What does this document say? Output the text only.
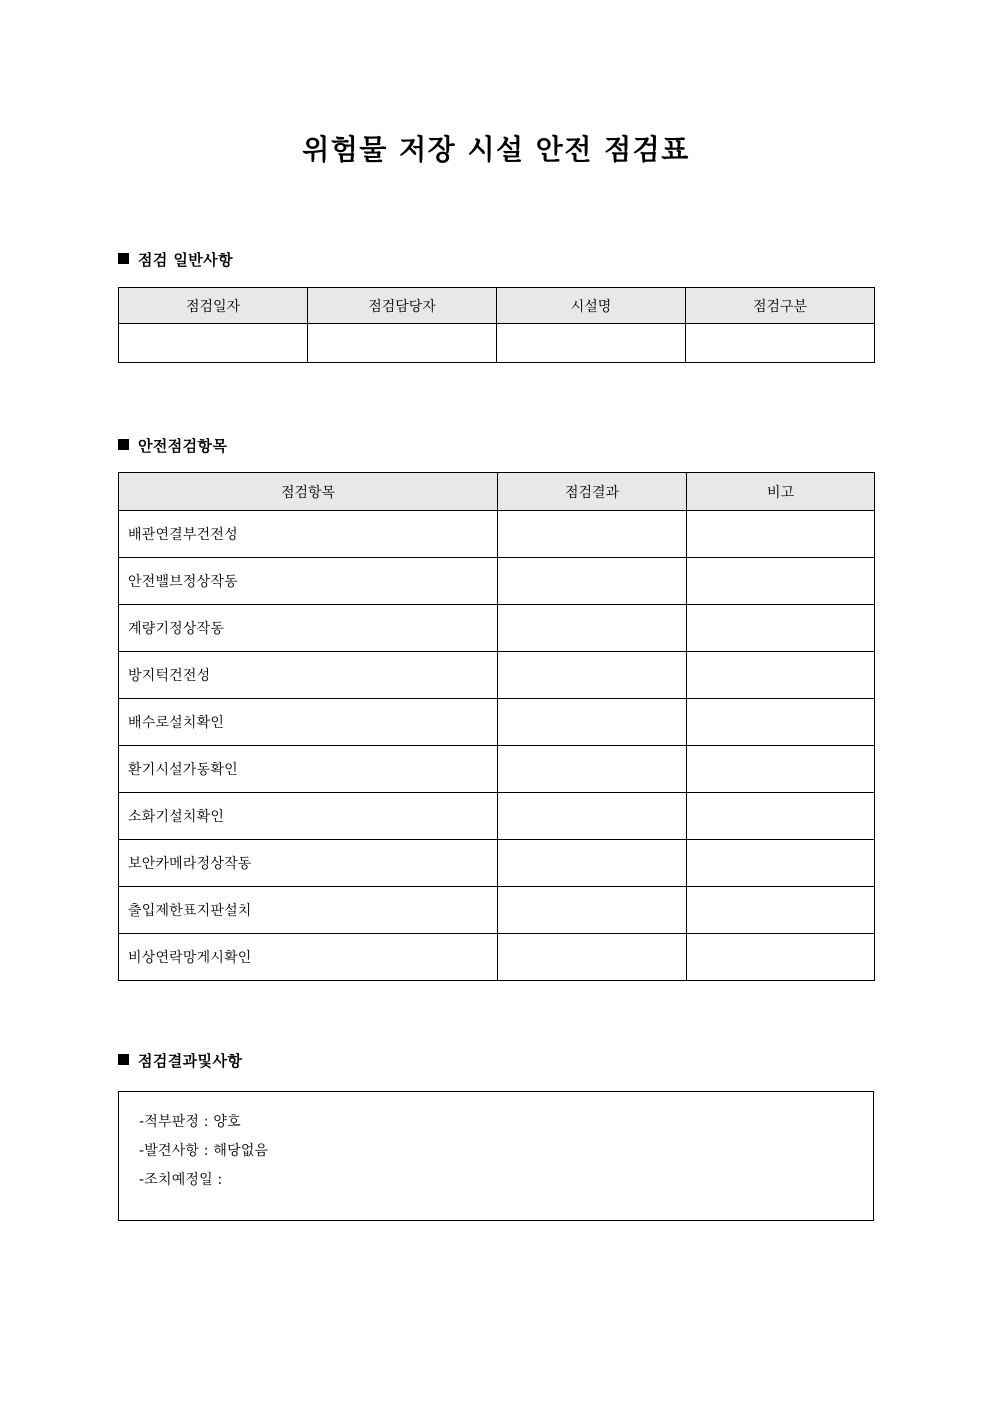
위험물 저장 시설 안전 점검표
점검 일반사항
점검일자	점검담당자	시설명	점검구분

안전점검항목
점검항목	점검결과	비고
배관연결부건전성		
안전밸브정상작동		
계량기정상작동		
방지턱건전성		
배수로설치확인		
환기시설가동확인		
소화기설치확인		
보안카메라정상작동		
출입제한표지판설치		
비상연락망게시확인		
점검결과및사항
-적부판정 : 양호
-발견사항 : 해당없음
-조치예정일 :
